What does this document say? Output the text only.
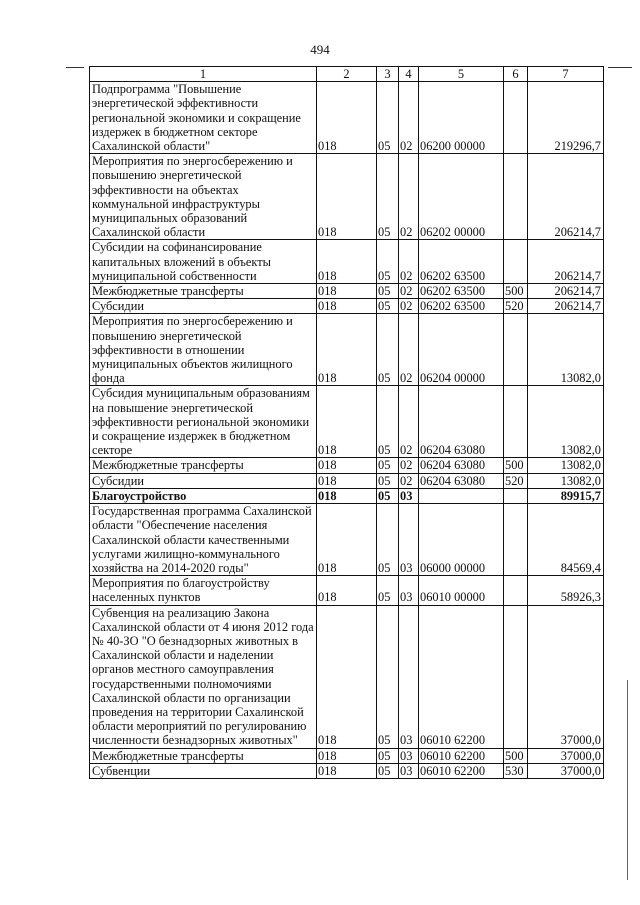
494
1	2	3	4	5	6	7
Подпрограмма "Повышение энергетической эффективности региональной экономики и сокращение издержек в бюджетном секторе Сахалинской области"	018	05	02	06200 00000		219296,7
Мероприятия по энергосбережению и повышению энергетической эффективности на объектах коммунальной инфраструктуры муниципальных образований Сахалинской области	018	05	02	06202 00000		206214,7
Субсидии на софинансирование капитальных вложений в объекты муниципальной собственности	018	05	02	06202 63500		206214,7
Межбюджетные трансферты	018	05	02	06202 63500	500	206214,7
Субсидии	018	05	02	06202 63500	520	206214,7
Мероприятия по энергосбережению и повышению энергетической эффективности в отношении муниципальных объектов жилищного фонда	018	05	02	06204 00000		13082,0
Субсидия муниципальным образованиям на повышение энергетической эффективности региональной экономики и сокращение издержек в бюджетном секторе	018	05	02	06204 63080		13082,0
Межбюджетные трансферты	018	05	02	06204 63080	500	13082,0
Субсидии	018	05	02	06204 63080	520	13082,0
Благоустройство	018	05	03			89915,7
Государственная программа Сахалинской области "Обеспечение населения Сахалинской области качественными услугами жилищно-коммунального хозяйства на 2014-2020 годы"	018	05	03	06000 00000		84569,4
Мероприятия по благоустройству населенных пунктов	018	05	03	06010 00000		58926,3
Субвенция на реализацию Закона Сахалинской области от 4 июня 2012 года № 40-ЗО "О безнадзорных животных в Сахалинской области и наделении органов местного самоуправления государственными полномочиями Сахалинской области по организации проведения на территории Сахалинской области мероприятий по регулированию численности безнадзорных животных"	018	05	03	06010 62200		37000,0
Межбюджетные трансферты	018	05	03	06010 62200	500	37000,0
Субвенции	018	05	03	06010 62200	530	37000,0
